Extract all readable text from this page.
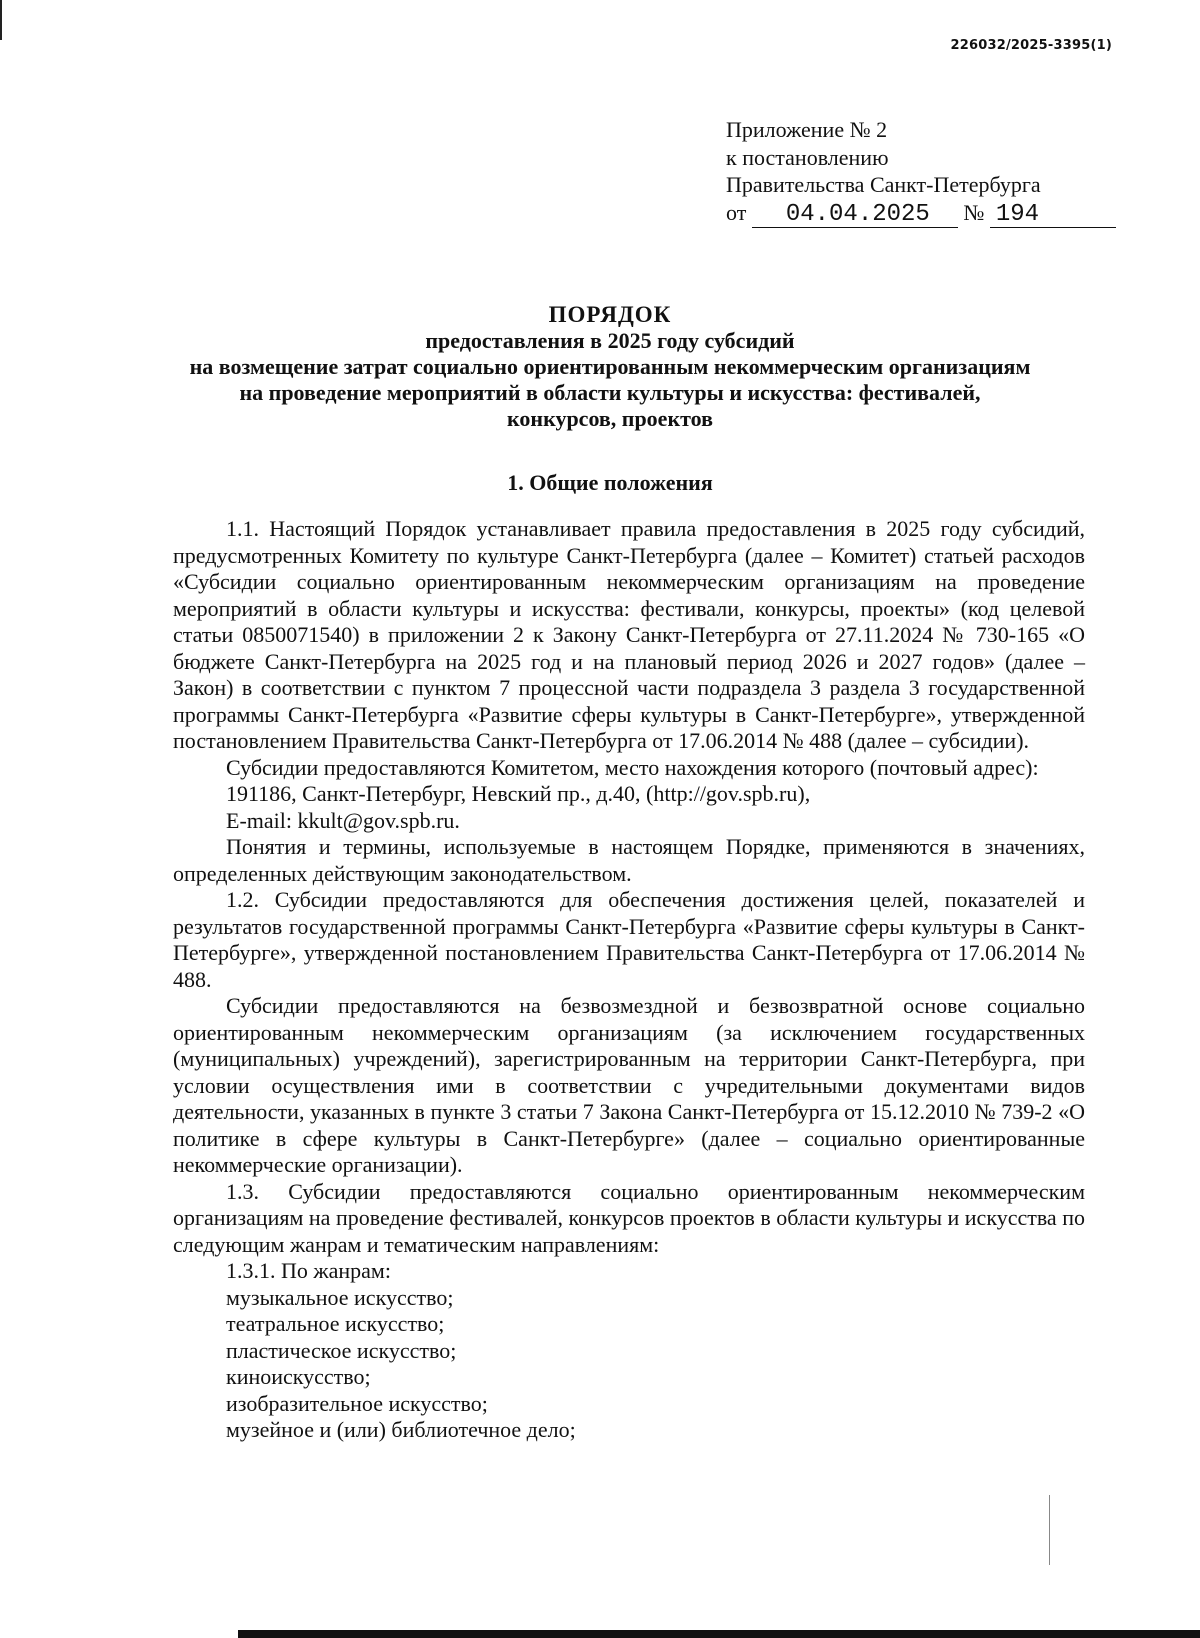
226032/2025-3395(1)
Приложение № 2
к постановлению
Правительства Санкт-Петербурга
от 04.04.2025 № 194
ПОРЯДОК
предоставления в 2025 году субсидий
на возмещение затрат социально ориентированным некоммерческим организациям
на проведение мероприятий в области культуры и искусства: фестивалей,
конкурсов, проектов
1. Общие положения

1.1. Настоящий Порядок устанавливает правила предоставления в 2025 году субсидий, предусмотренных Комитету по культуре Санкт-Петербурга (далее – Комитет) статьей расходов «Субсидии социально ориентированным некоммерческим организациям на проведение мероприятий в области культуры и искусства: фестивали, конкурсы, проекты» (код целевой статьи 0850071540) в приложении 2 к Закону Санкт-Петербурга от 27.11.2024 № 730-165 «О бюджете Санкт-Петербурга на 2025 год и на плановый период 2026 и 2027 годов» (далее – Закон) в соответствии с пунктом 7 процессной части подраздела 3 раздела 3 государственной программы Санкт-Петербурга «Развитие сферы культуры в Санкт-Петербурге», утвержденной постановлением Правительства Санкт-Петербурга от 17.06.2014 № 488 (далее – субсидии).

Субсидии предоставляются Комитетом, место нахождения которого (почтовый адрес):

191186, Санкт-Петербург, Невский пр., д.40, (http://gov.spb.ru),

E-mail: kkult@gov.spb.ru.

Понятия и термины, используемые в настоящем Порядке, применяются в значениях, определенных действующим законодательством.

1.2. Субсидии предоставляются для обеспечения достижения целей, показателей и результатов государственной программы Санкт-Петербурга «Развитие сферы культуры в Санкт-Петербурге», утвержденной постановлением Правительства Санкт-Петербурга от 17.06.2014 № 488.

Субсидии предоставляются на безвозмездной и безвозвратной основе социально ориентированным некоммерческим организациям (за исключением государственных (муниципальных) учреждений), зарегистрированным на территории Санкт-Петербурга, при условии осуществления ими в соответствии с учредительными документами видов деятельности, указанных в пункте 3 статьи 7 Закона Санкт-Петербурга от 15.12.2010 № 739-2 «О политике в сфере культуры в Санкт-Петербурге» (далее – социально ориентированные некоммерческие организации).

1.3. Субсидии предоставляются социально ориентированным некоммерческим организациям на проведение фестивалей, конкурсов проектов в области культуры и искусства по следующим жанрам и тематическим направлениям:

1.3.1. По жанрам:

музыкальное искусство;
театральное искусство;
пластическое искусство;
киноискусство;
изобразительное искусство;
музейное и (или) библиотечное дело;
